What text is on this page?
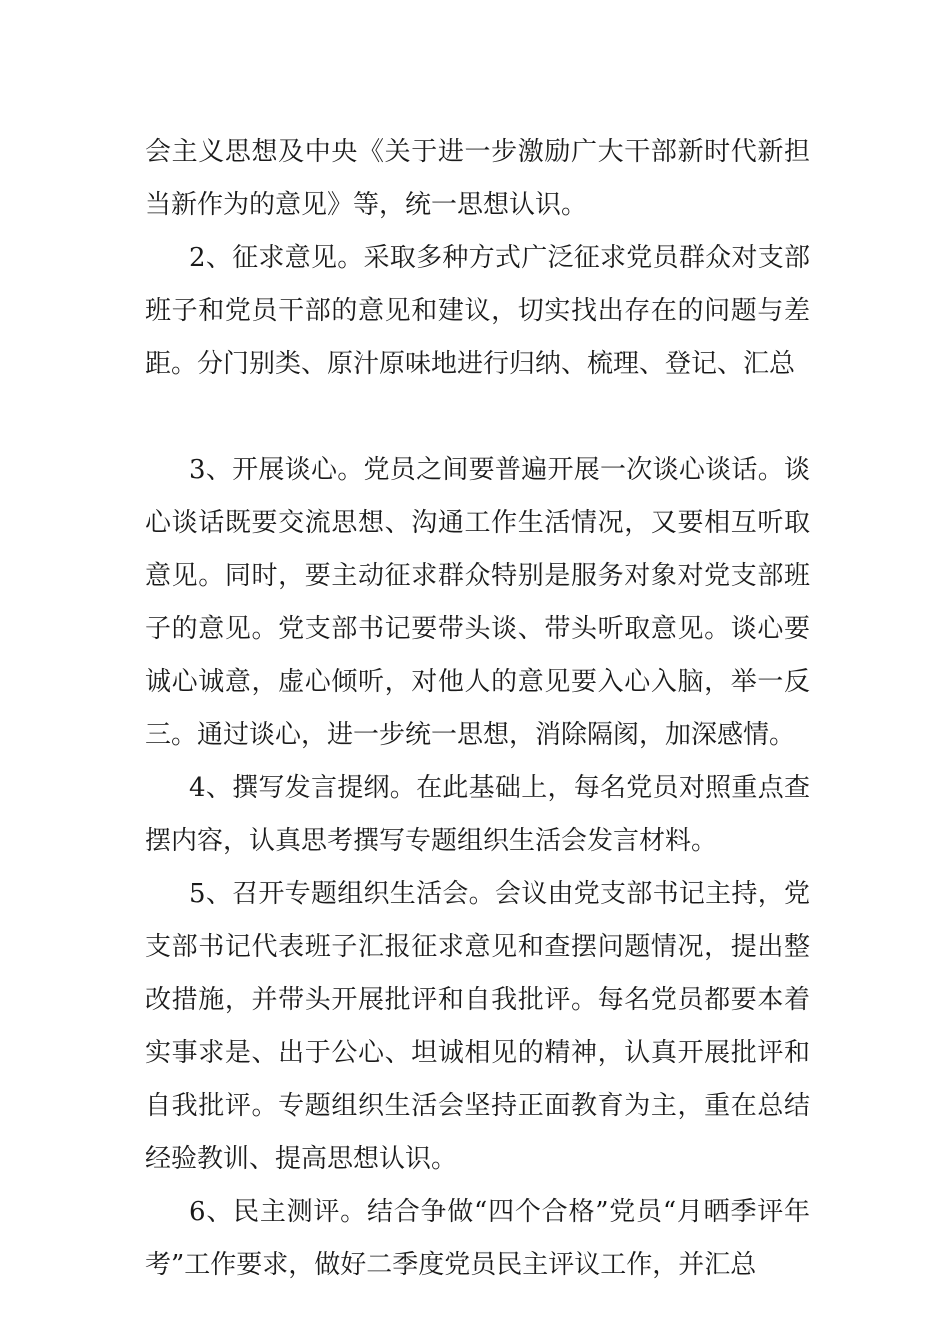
会主义思想及中央《关于进一步激励广大干部新时代新担当新作为的意见》等，统一思想认识。

2、征求意见。采取多种方式广泛征求党员群众对支部班子和党员干部的意见和建议，切实找出存在的问题与差距。分门别类、原汁原味地进行归纳、梳理、登记、汇总

3、开展谈心。党员之间要普遍开展一次谈心谈话。谈心谈话既要交流思想、沟通工作生活情况，又要相互听取意见。同时，要主动征求群众特别是服务对象对党支部班子的意见。党支部书记要带头谈、带头听取意见。谈心要诚心诚意，虚心倾听，对他人的意见要入心入脑，举一反三。通过谈心，进一步统一思想，消除隔阂，加深感情。

4、撰写发言提纲。在此基础上，每名党员对照重点查摆内容，认真思考撰写专题组织生活会发言材料。

5、召开专题组织生活会。会议由党支部书记主持，党支部书记代表班子汇报征求意见和查摆问题情况，提出整改措施，并带头开展批评和自我批评。每名党员都要本着实事求是、出于公心、坦诚相见的精神，认真开展批评和自我批评。专题组织生活会坚持正面教育为主，重在总结经验教训、提高思想认识。

6、民主测评。结合争做“四个合格”党员“月晒季评年考”工作要求，做好二季度党员民主评议工作，并汇总
